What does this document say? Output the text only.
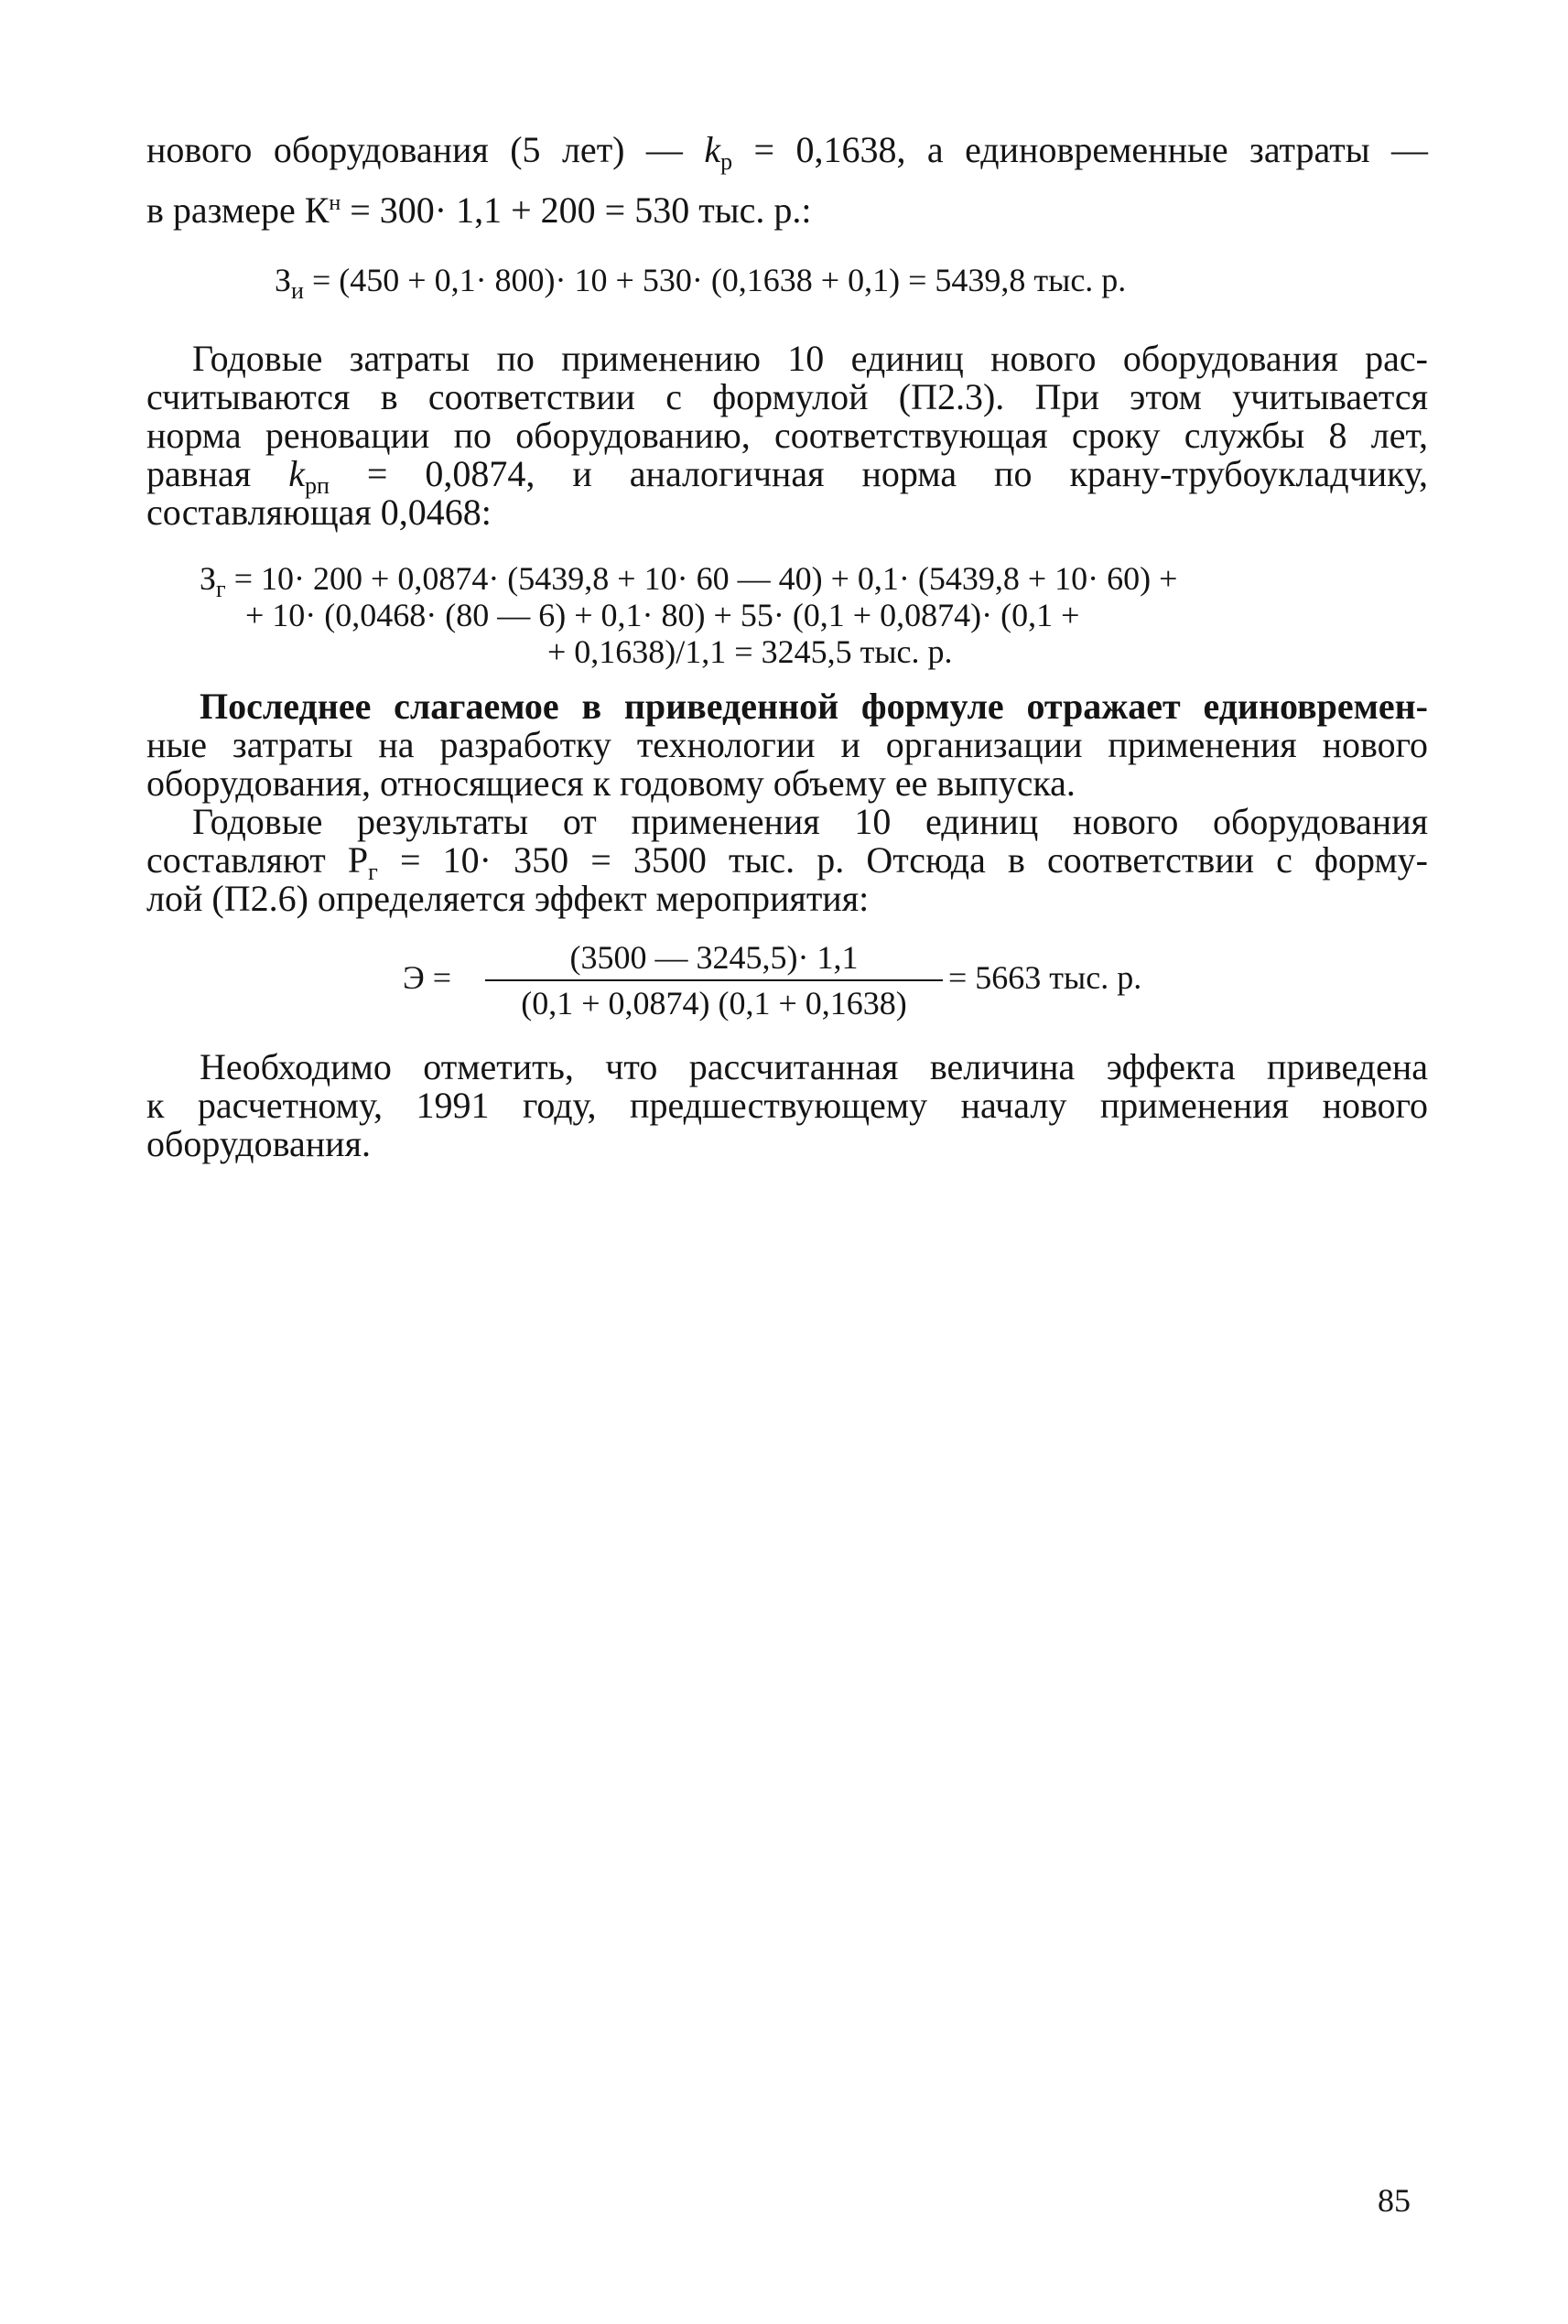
нового оборудования (5 лет) — $k_р = 0,1638$, а единовременные затраты —

в размере $К^н = 300\cdot 1,1 + 200 = 530$ тыс. р.:

$З_и = (450 + 0,1\cdot 800)\cdot 10 + 530\cdot (0,1638 + 0,1) = 5439,8$ тыс. р.

Годовые затраты по применению 10 единиц нового оборудования рас-

считываются в соответствии с формулой (П2.3). При этом учитывается

норма реновации по оборудованию, соответствующая сроку службы 8 лет,

равная $k_{рп} = 0,0874$, и аналогичная норма по крану-трубоукладчику,

составляющая 0,0468:

$З_г = 10\cdot 200 + 0,0874\cdot (5439,8 + 10\cdot 60$ — 40) + 0,1· (5439,8 + 10· 60) +

+ 10· (0,0468· (80 — 6) + 0,1· 80) + 55· (0,1 + 0,0874)· (0,1 +

+ 0,1638)/1,1 = 3245,5 тыс. р.

Последнее слагаемое в приведенной формуле отражает единовремен-

ные затраты на разработку технологии и организации применения нового

оборудования, относящиеся к годовому объему ее выпуска.

Годовые результаты от применения 10 единиц нового оборудования

составляют $Р_г = 10\cdot 350 = 3500$ тыс. р. Отсюда в соответствии с форму-

лой (П2.6) определяется эффект мероприятия:

$Э = \frac{(3500 — 3245,5)\cdot 1,1}{(0,1 + 0,0874) (0,1 + 0,1638)} = 5663$ тыс. р.

Необходимо отметить, что рассчитанная величина эффекта приведена

к расчетному, 1991 году, предшествующему началу применения нового

оборудования.

85
